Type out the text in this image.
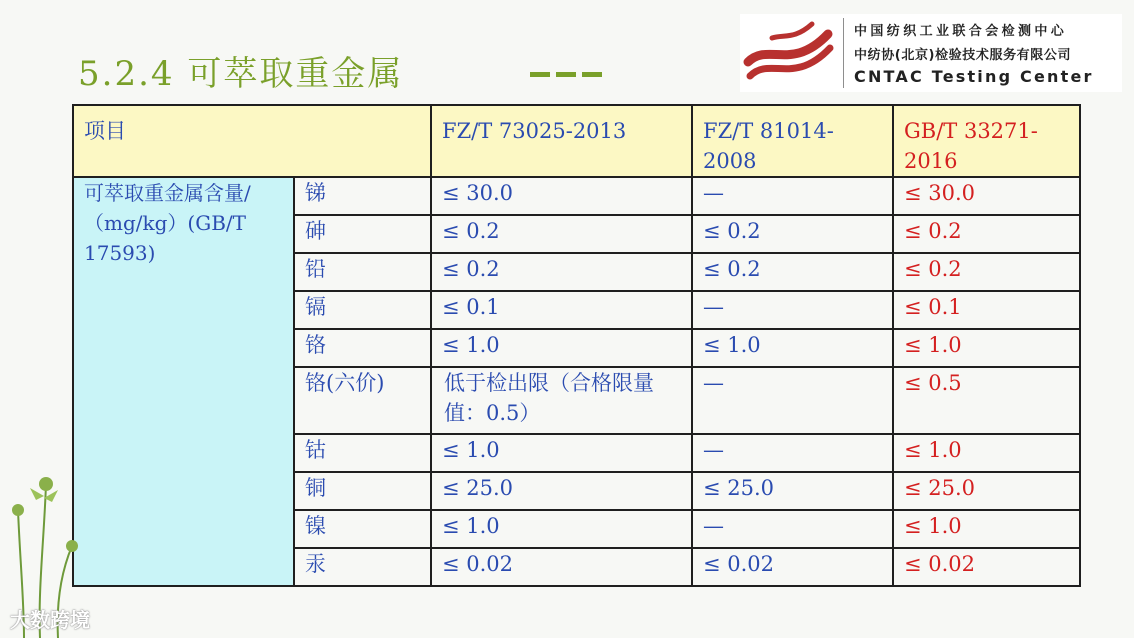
5.2.4 可萃取重金属
中国纺织工业联合会检测中心
中纺协(北京)检验技术服务有限公司
CNTAC Testing Center
项目		FZ/T 73025-2013	FZ/T 81014-2008	GB/T 33271-2016
可萃取重金属含量/（mg/kg）(GB/T 17593)	锑	≤ 30.0	—	≤ 30.0
	砷	≤ 0.2	≤ 0.2	≤ 0.2
	铅	≤ 0.2	≤ 0.2	≤ 0.2
	镉	≤ 0.1	—	≤ 0.1
	铬	≤ 1.0	≤ 1.0	≤ 1.0
	铬(六价)	低于检出限（合格限量值：0.5）	—	≤ 0.5
	钴	≤ 1.0	—	≤ 1.0
	铜	≤ 25.0	≤ 25.0	≤ 25.0
	镍	≤ 1.0	—	≤ 1.0
	汞	≤ 0.02	≤ 0.02	≤ 0.02
大数跨境
